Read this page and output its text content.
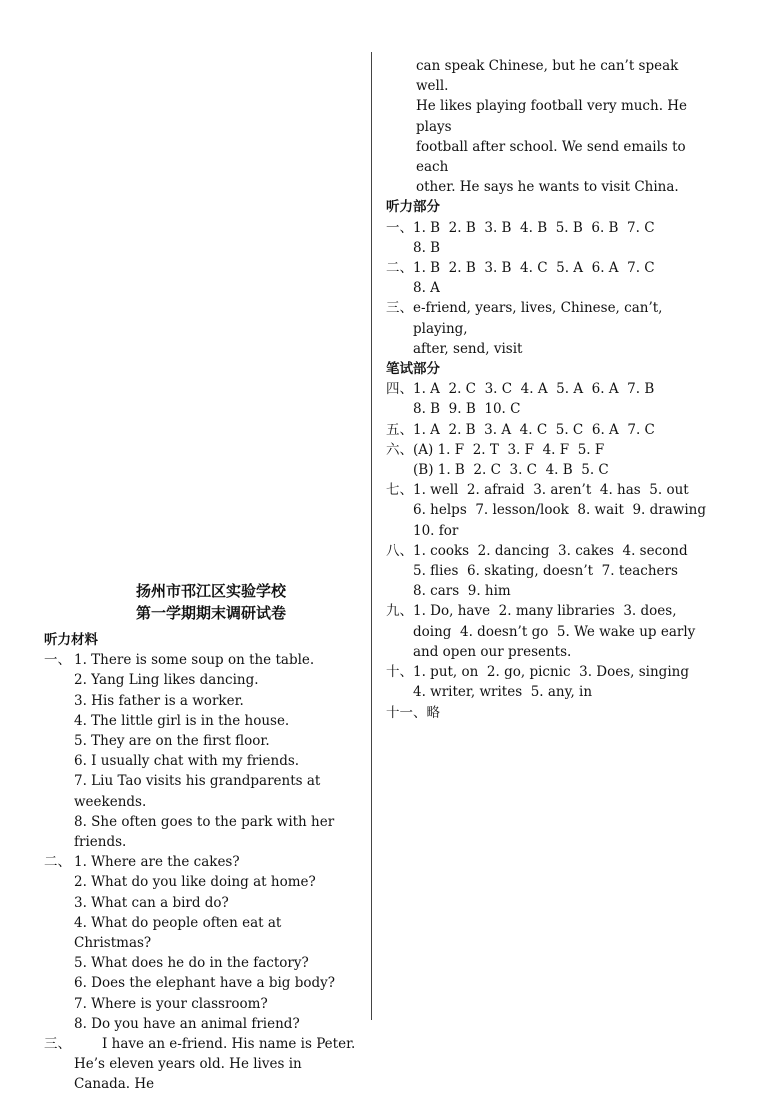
扬州市邗江区实验学校
第一学期期末调研试卷
听力材料
一、 1. There is some soup on the table.
2. Yang Ling likes dancing.
3. His father is a worker.
4. The little girl is in the house.
5. They are on the first floor.
6. I usually chat with my friends.
7. Liu Tao visits his grandparents at weekends.
8. She often goes to the park with her friends.
二、 1. Where are the cakes?
2. What do you like doing at home?
3. What can a bird do?
4. What do people often eat at Christmas?
5. What does he do in the factory?
6. Does the elephant have a big body?
7. Where is your classroom?
8. Do you have an animal friend?
三、	I have an e-friend. His name is Peter.
He’s eleven years old. He lives in Canada. He
can speak Chinese, but he can’t speak well.
He likes playing football very much. He plays
football after school. We send emails to each
other. He says he wants to visit China.
听力部分
一、 1. B  2. B  3. B  4. B  5. B  6. B  7. C
8. B
二、 1. B  2. B  3. B  4. C  5. A  6. A  7. C
8. A
三、 e-friend, years, lives, Chinese, can’t, playing,
after, send, visit
笔试部分
四、 1. A  2. C  3. C  4. A  5. A  6. A  7. B
8. B  9. B  10. C
五、 1. A  2. B  3. A  4. C  5. C  6. A  7. C
六、 (A) 1. F  2. T  3. F  4. F  5. F
(B) 1. B  2. C  3. C  4. B  5. C
七、 1. well  2. afraid  3. aren’t  4. has  5. out
6. helps  7. lesson/look  8. wait  9. drawing
10. for
八、 1. cooks  2. dancing  3. cakes  4. second
5. flies  6. skating, doesn’t  7. teachers
8. cars  9. him
九、 1. Do, have  2. many libraries  3. does,
doing  4. doesn’t go  5. We wake up early
and open our presents.
十、 1. put, on  2. go, picnic  3. Does, singing
4. writer, writes  5. any, in
十一、 略
